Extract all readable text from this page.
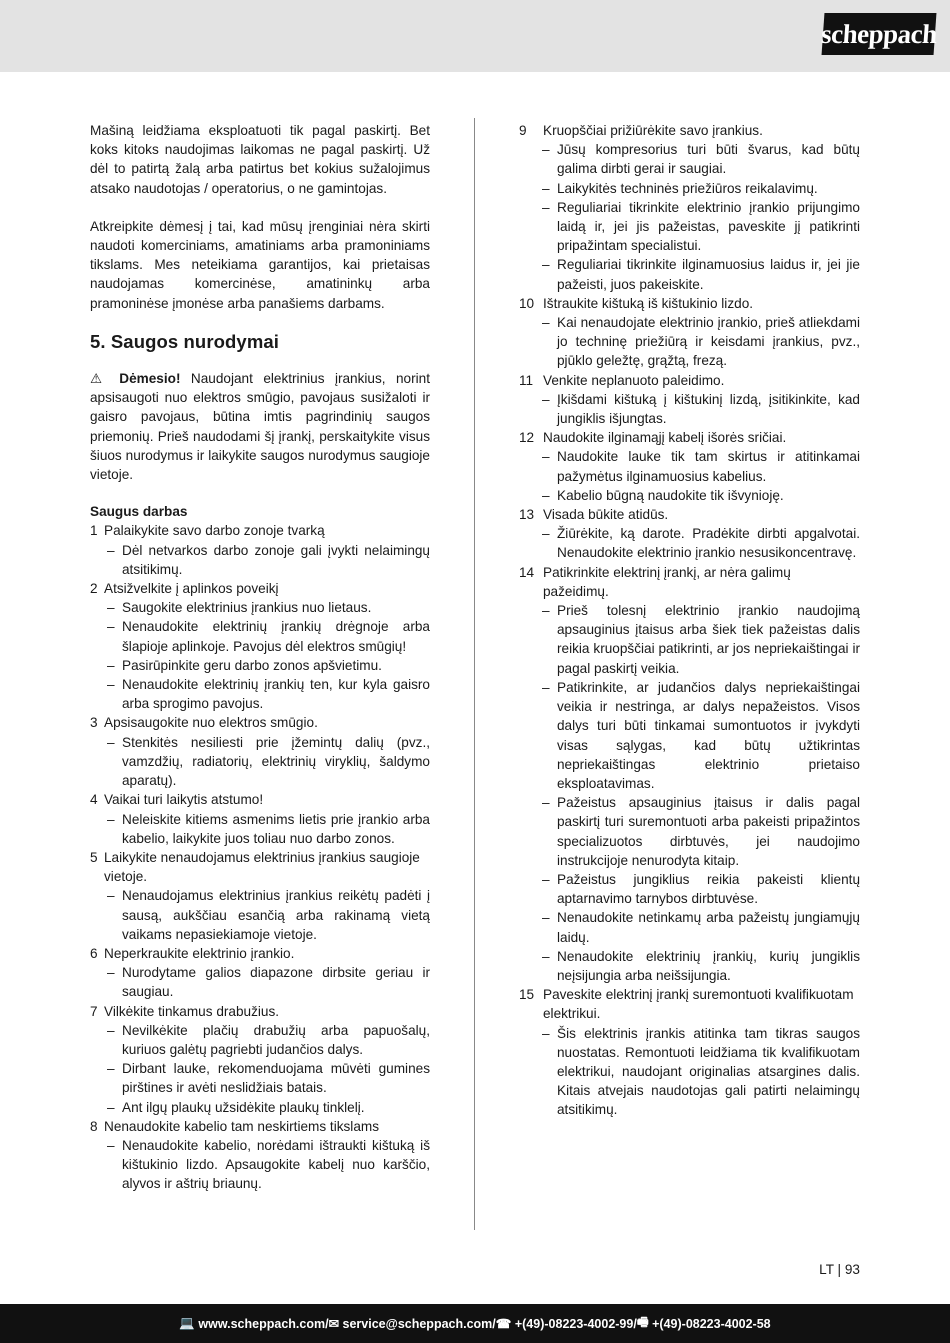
scheppach

Mašiną leidžiama eksploatuoti tik pagal paskirtį. Bet koks kitoks naudojimas laikomas ne pagal paskirtį. Už dėl to patirtą žalą arba patirtus bet kokius sužalojimus atsako naudotojas / operatorius, o ne gamintojas.

Atkreipkite dėmesį į tai, kad mūsų įrenginiai nėra skirti naudoti komerciniams, amatiniams arba pramoniniams tikslams. Mes neteikiama garantijos, kai prietaisas naudojamas komercinėse, amatininkų arba pramoninėse įmonėse arba panašiems darbams.

5. Saugos nurodymai

⚠ Dėmesio! Naudojant elektrinius įrankius, norint apsisaugoti nuo elektros smūgio, pavojaus susižaloti ir gaisro pavojaus, būtina imtis pagrindinių saugos priemonių. Prieš naudodami šį įrankį, perskaitykite visus šiuos nurodymus ir laikykite saugos nurodymus saugioje vietoje.

Saugus darbas
1 Palaikykite savo darbo zonoje tvarką
– Dėl netvarkos darbo zonoje gali įvykti nelaimingų atsitikimų.
2 Atsižvelkite į aplinkos poveikį
– Saugokite elektrinius įrankius nuo lietaus.
– Nenaudokite elektrinių įrankių drėgnoje arba šlapioje aplinkoje. Pavojus dėl elektros smūgių!
– Pasirūpinkite geru darbo zonos apšvietimu.
– Nenaudokite elektrinių įrankių ten, kur kyla gaisro arba sprogimo pavojus.
3 Apsisaugokite nuo elektros smūgio.
– Stenkitės nesiliesti prie įžemintų dalių (pvz., vamzdžių, radiatorių, elektrinių viryklių, šaldymo aparatų).
4 Vaikai turi laikytis atstumo!
– Neleiskite kitiems asmenims lietis prie įrankio arba kabelio, laikykite juos toliau nuo darbo zonos.
5 Laikykite nenaudojamus elektrinius įrankius saugioje vietoje.
– Nenaudojamus elektrinius įrankius reikėtų padėti į sausą, aukščiau esančią arba rakinamą vietą vaikams nepasiekiamoje vietoje.
6 Neperkraukite elektrinio įrankio.
– Nurodytame galios diapazone dirbsite geriau ir saugiau.
7 Vilkėkite tinkamus drabužius.
– Nevilkėkite plačių drabužių arba papuošalų, kuriuos galėtų pagriebti judančios dalys.
– Dirbant lauke, rekomenduojama mūvėti gumines pirštines ir avėti neslidžiais batais.
– Ant ilgų plaukų užsidėkite plaukų tinklelį.
8 Nenaudokite kabelio tam neskirtiems tikslams
– Nenaudokite kabelio, norėdami ištraukti kištuką iš kištukinio lizdo. Apsaugokite kabelį nuo karščio, alyvos ir aštrių briaunų.
9	Kruopščiai prižiūrėkite savo įrankius.
– Jūsų kompresorius turi būti švarus, kad būtų galima dirbti gerai ir saugiai.
– Laikykitės techninės priežiūros reikalavimų.
– Reguliariai tikrinkite elektrinio įrankio prijungimo laidą ir, jei jis pažeistas, paveskite jį patikrinti pripažintam specialistui.
– Reguliariai tikrinkite ilginamuosius laidus ir, jei jie pažeisti, juos pakeiskite.
10 Ištraukite kištuką iš kištukinio lizdo.
– Kai nenaudojate elektrinio įrankio, prieš atliekdami jo techninę priežiūrą ir keisdami įrankius, pvz., pjūklo geležtę, grąžtą, frezą.
11 Venkite neplanuoto paleidimo.
– Įkišdami kištuką į kištukinį lizdą, įsitikinkite, kad jungiklis išjungtas.
12 Naudokite ilginamąjį kabelį išorės sričiai.
– Naudokite lauke tik tam skirtus ir atitinkamai pažymėtus ilginamuosius kabelius.
– Kabelio būgną naudokite tik išvynioję.
13 Visada būkite atidūs.
– Žiūrėkite, ką darote. Pradėkite dirbti apgalvotai. Nenaudokite elektrinio įrankio nesusikoncentravę.
14 Patikrinkite elektrinį įrankį, ar nėra galimų pažeidimų.
– Prieš tolesnį elektrinio įrankio naudojimą apsauginius įtaisus arba šiek tiek pažeistas dalis reikia kruopščiai patikrinti, ar jos nepriekaištingai ir pagal paskirtį veikia.
– Patikrinkite, ar judančios dalys nepriekaištingai veikia ir nestringa, ar dalys nepažeistos. Visos dalys turi būti tinkamai sumontuotos ir įvykdyti visas sąlygas, kad būtų užtikrintas nepriekaištingas elektrinio prietaiso eksploatavimas.
– Pažeistus apsauginius įtaisus ir dalis pagal paskirtį turi suremontuoti arba pakeisti pripažintos specializuotos dirbtuvės, jei naudojimo instrukcijoje nenurodyta kitaip.
– Pažeistus jungiklius reikia pakeisti klientų aptarnavimo tarnybos dirbtuvėse.
– Nenaudokite netinkamų arba pažeistų jungiamųjų laidų.
– Nenaudokite elektrinių įrankių, kurių jungiklis neįsijungia arba neišsijungia.
15 Paveskite elektrinį įrankį suremontuoti kvalifikuotam elektrikui.
– Šis elektrinis įrankis atitinka tam tikras saugos nuostatas. Remontuoti leidžiama tik kvalifikuotam elektrikui, naudojant originalias atsargines dalis. Kitais atvejais naudotojas gali patirti nelaimingų atsitikimų.
LT | 93
💻
www.scheppach.com / ✉
service@scheppach.com / ☎
+(49)-08223-4002-99 / 🖷
+(49)-08223-4002-58
